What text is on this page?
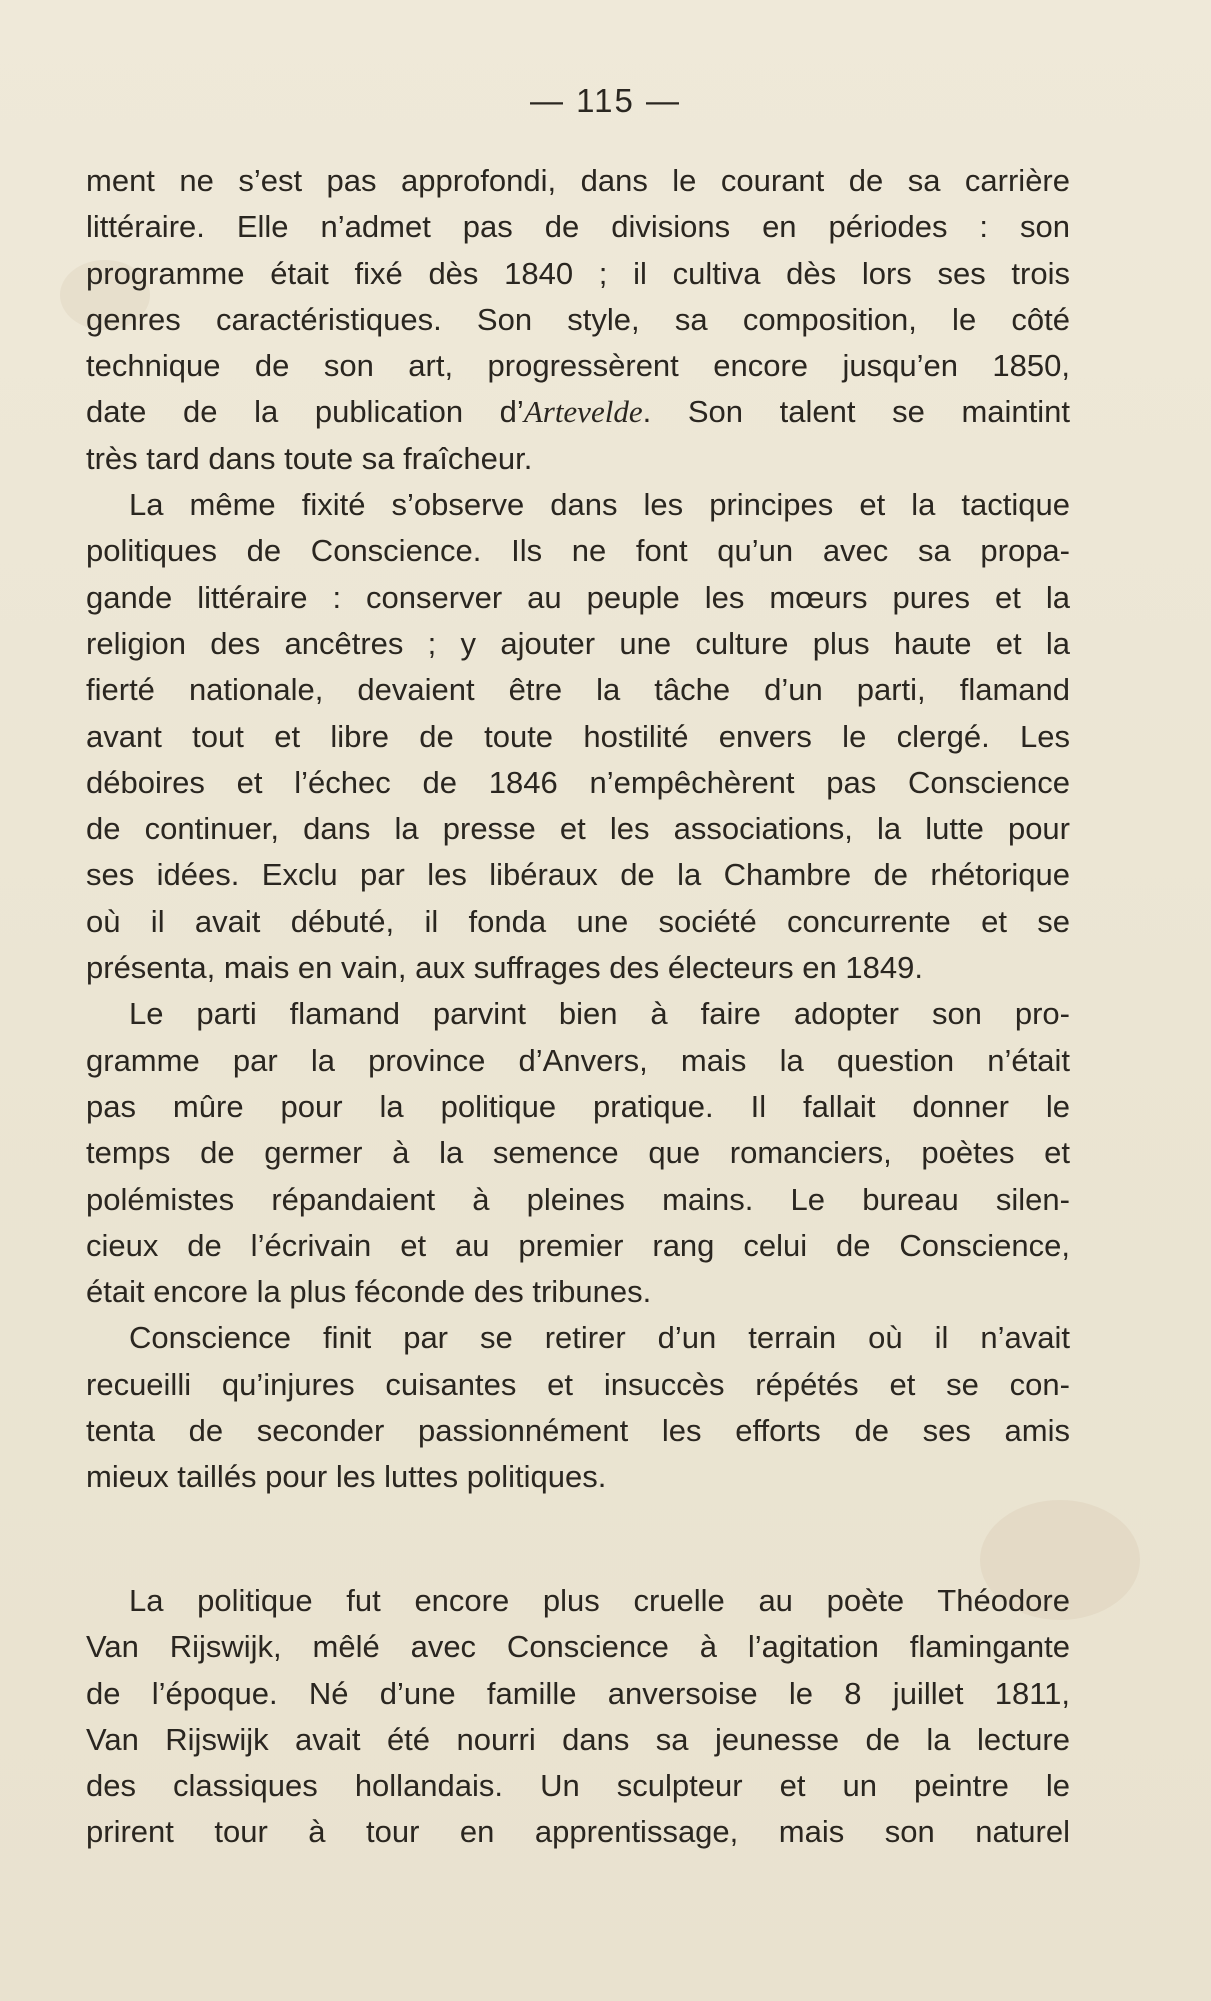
— 115 —
ment ne s’est pas approfondi, dans le courant de sa carrière
littéraire. Elle n’admet pas de divisions en périodes : son
programme était fixé dès 1840 ; il cultiva dès lors ses trois
genres caractéristiques. Son style, sa composition, le côté
technique de son art, progressèrent encore jusqu’en 1850,
date de la publication d’Artevelde. Son talent se maintint
très tard dans toute sa fraîcheur.
La même fixité s’observe dans les principes et la tactique
politiques de Conscience. Ils ne font qu’un avec sa propa-
gande littéraire : conserver au peuple les mœurs pures et la
religion des ancêtres ; y ajouter une culture plus haute et la
fierté nationale, devaient être la tâche d’un parti, flamand
avant tout et libre de toute hostilité envers le clergé. Les
déboires et l’échec de 1846 n’empêchèrent pas Conscience
de continuer, dans la presse et les associations, la lutte pour
ses idées. Exclu par les libéraux de la Chambre de rhétorique
où il avait débuté, il fonda une société concurrente et se
présenta, mais en vain, aux suffrages des électeurs en 1849.
Le parti flamand parvint bien à faire adopter son pro-
gramme par la province d’Anvers, mais la question n’était
pas mûre pour la politique pratique. Il fallait donner le
temps de germer à la semence que romanciers, poètes et
polémistes répandaient à pleines mains. Le bureau silen-
cieux de l’écrivain et au premier rang celui de Conscience,
était encore la plus féconde des tribunes.
Conscience finit par se retirer d’un terrain où il n’avait
recueilli qu’injures cuisantes et insuccès répétés et se con-
tenta de seconder passionnément les efforts de ses amis
mieux taillés pour les luttes politiques.
La politique fut encore plus cruelle au poète Théodore
Van Rijswijk, mêlé avec Conscience à l’agitation flamingante
de l’époque. Né d’une famille anversoise le 8 juillet 1811,
Van Rijswijk avait été nourri dans sa jeunesse de la lecture
des classiques hollandais. Un sculpteur et un peintre le
prirent tour à tour en apprentissage, mais son naturel
